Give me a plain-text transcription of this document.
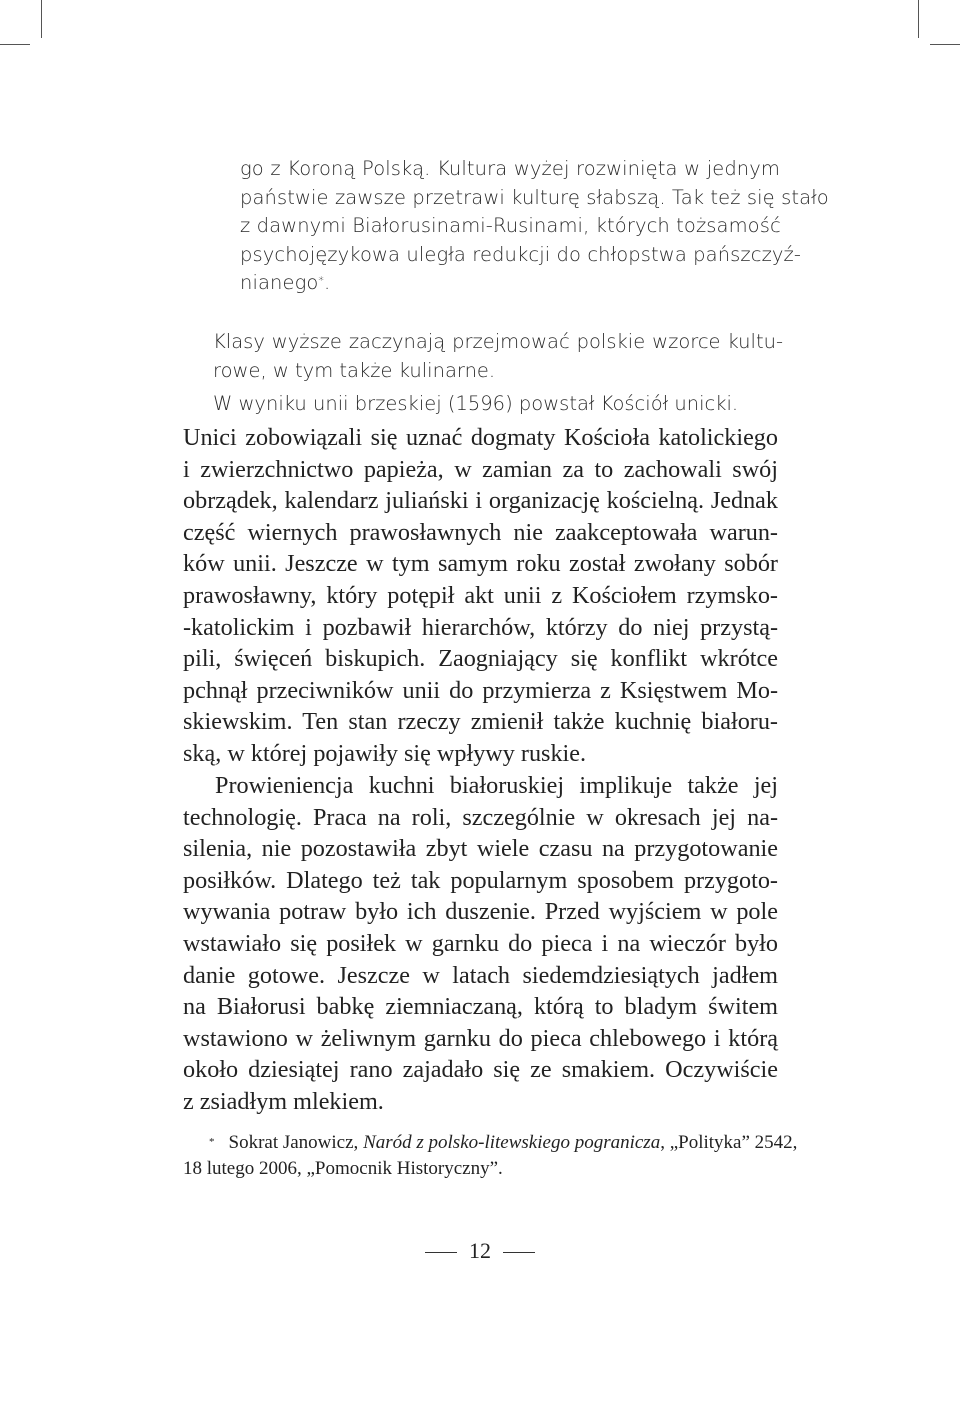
go z Koroną Polską. Kultura wyżej rozwinięta w jednym
państwie zawsze przetrawi kulturę słabszą. Tak też się stało
z dawnymi Białorusinami-Rusinami, których tożsamość
psychojęzykowa uległa redukcji do chłopstwa pańszczyź-
nianego*.
Klasy wyższe zaczynają przejmować polskie wzorce kultu-
rowe, w tym także kulinarne.
W wyniku unii brzeskiej (1596) powstał Kościół unicki.
Unici zobowiązali się uznać dogmaty Kościoła katolickiego
i zwierzchnictwo papieża, w zamian za to zachowali swój
obrządek, kalendarz juliański i organizację kościelną. Jednak
część wiernych prawosławnych nie zaakceptowała warun-
ków unii. Jeszcze w tym samym roku został zwołany sobór
prawosławny, który potępił akt unii z Kościołem rzymsko-
-katolickim i pozbawił hierarchów, którzy do niej przystą-
pili, święceń biskupich. Zaogniający się konflikt wkrótce
pchnął przeciwników unii do przymierza z Księstwem Mo-
skiewskim. Ten stan rzeczy zmienił także kuchnię białoru-
ską, w której pojawiły się wpływy ruskie.
Prowieniencja kuchni białoruskiej implikuje także jej
technologię. Praca na roli, szczególnie w okresach jej na-
silenia, nie pozostawiła zbyt wiele czasu na przygotowanie
posiłków. Dlatego też tak popularnym sposobem przygoto-
wywania potraw było ich duszenie. Przed wyjściem w pole
wstawiało się posiłek w garnku do pieca i na wieczór było
danie gotowe. Jeszcze w latach siedemdziesiątych jadłem
na Białorusi babkę ziemniaczaną, którą to bladym świtem
wstawiono w żeliwnym garnku do pieca chlebowego i którą
około dziesiątej rano zajadało się ze smakiem. Oczywiście
z zsiadłym mlekiem.
* Sokrat Janowicz, Naród z polsko-litewskiego pogranicza, „Polityka” 2542,
18 lutego 2006, „Pomocnik Historyczny”.
12
